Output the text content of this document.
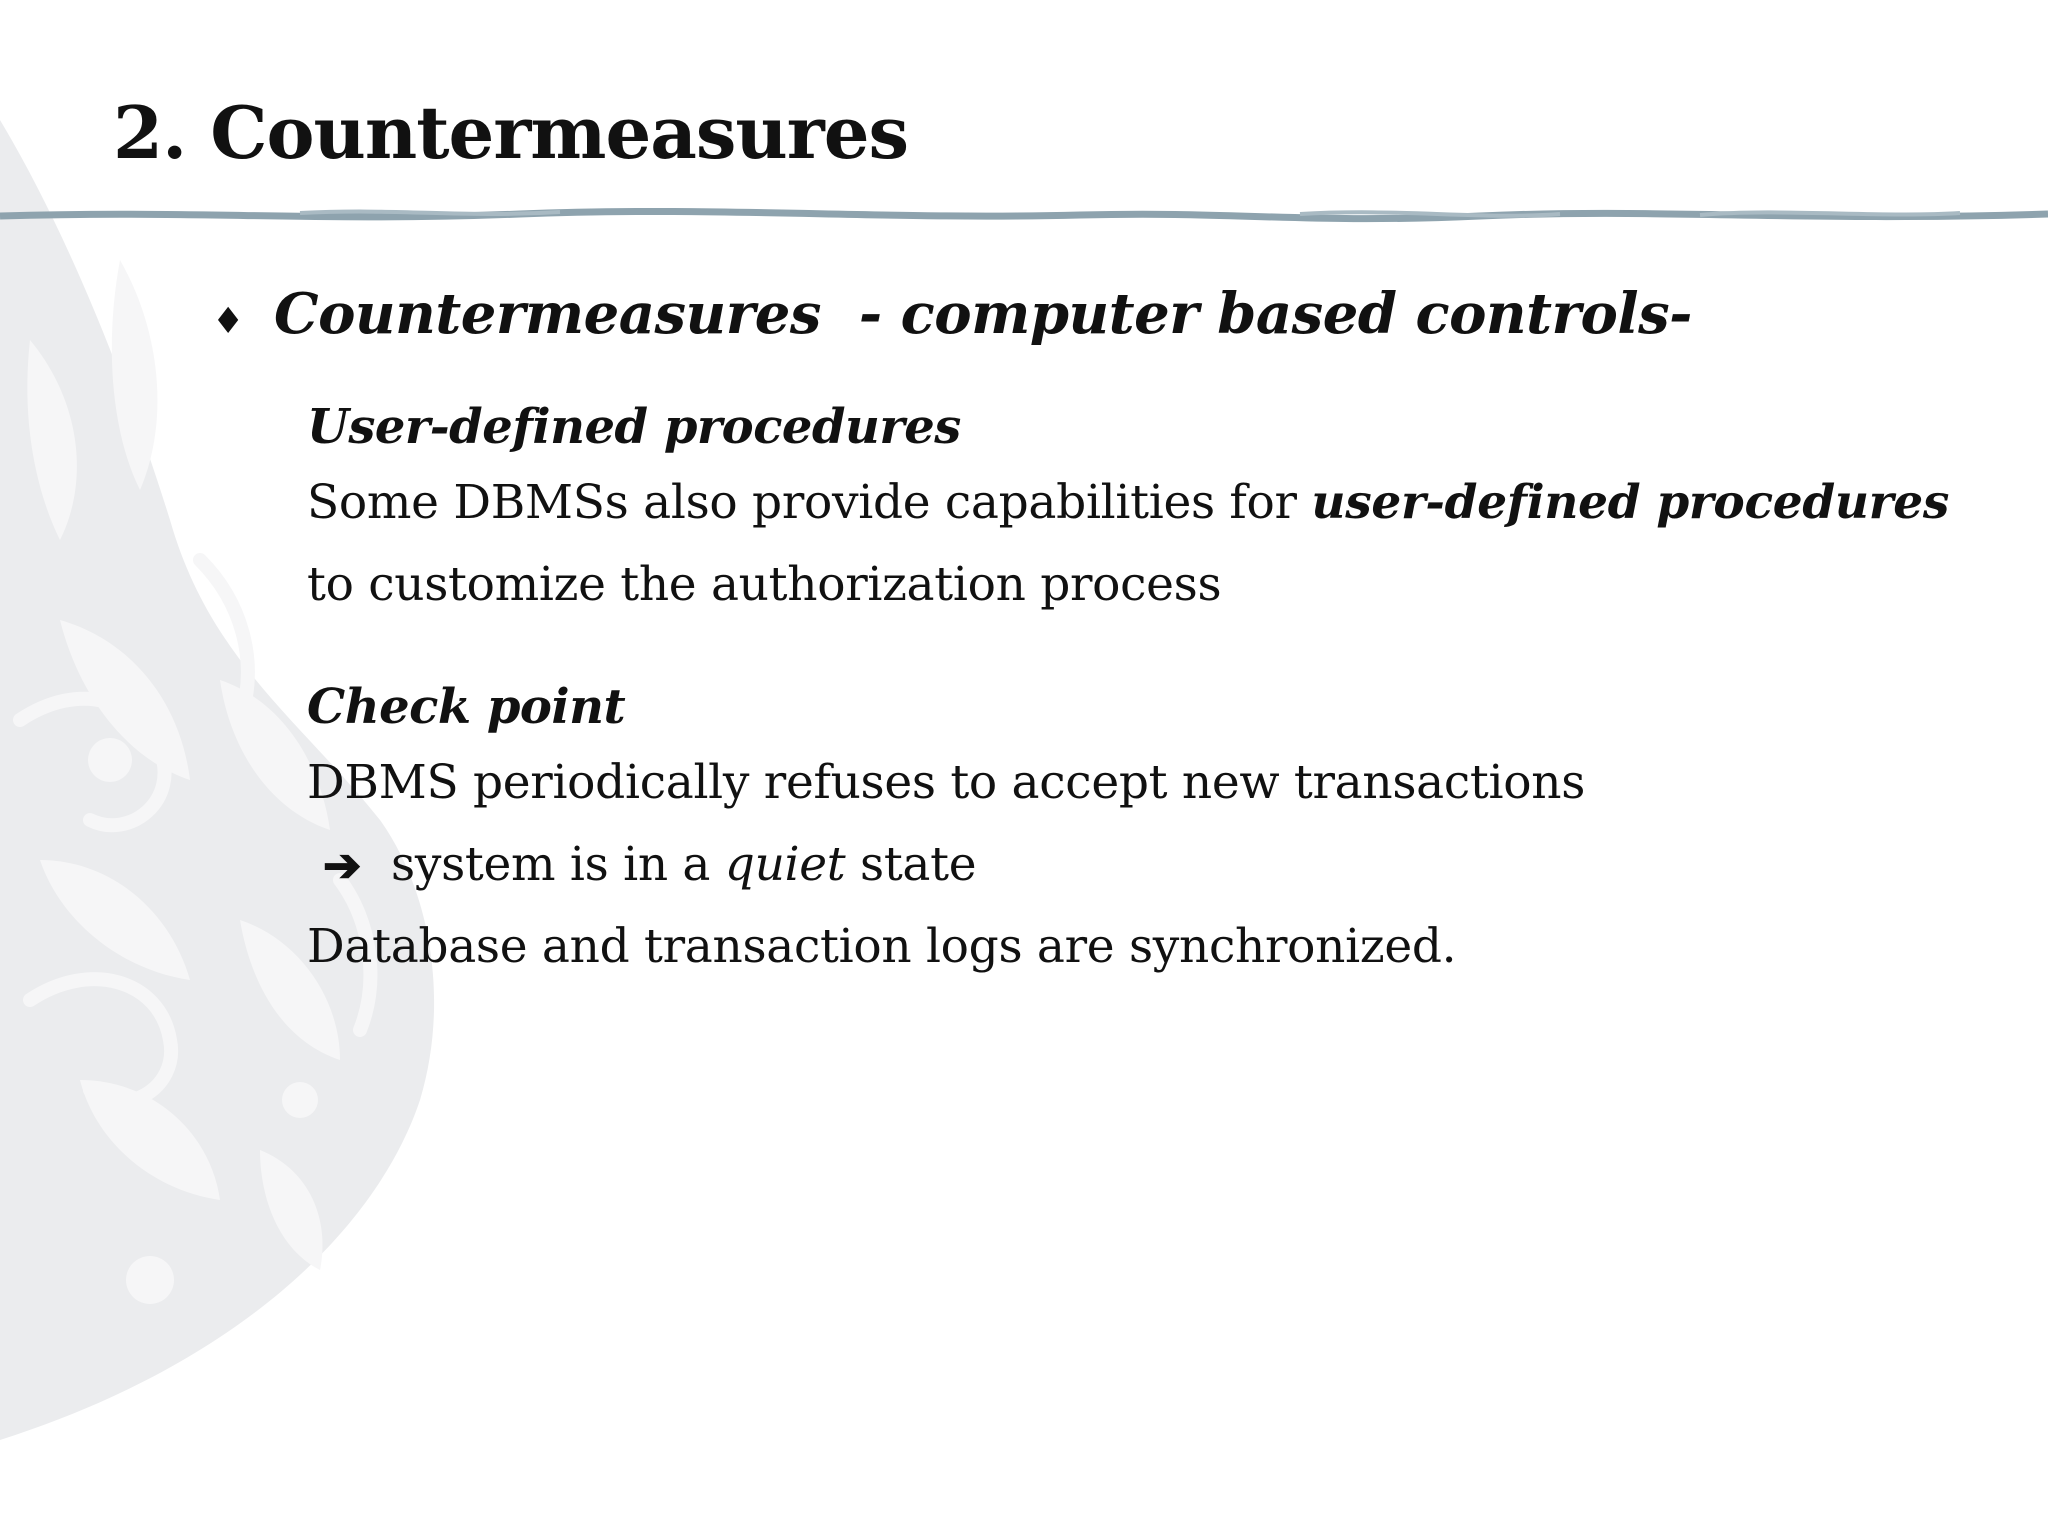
2. Countermeasures
♦ Countermeasures - computer based controls-
User-defined procedures
Some DBMSs also provide capabilities for user-defined procedures
to customize the authorization process
Check point
DBMS periodically refuses to accept new transactions
➔ system is in a quiet state
Database and transaction logs are synchronized.
